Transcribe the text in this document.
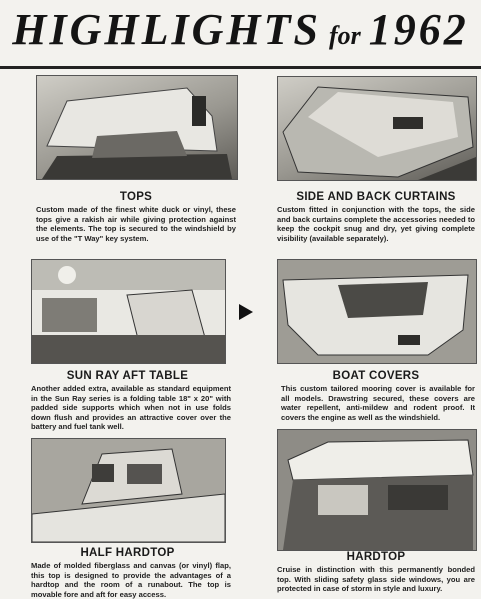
HIGHLIGHTS for 1962
TOPS
Custom made of the finest white duck or vinyl, these tops give a rakish air while giving protection against the elements. The top is secured to the windshield by use of the "T Way" key system.
SIDE AND BACK CURTAINS
Custom fitted in conjunction with the tops, the side and back curtains complete the accessories needed to keep the cockpit snug and dry, yet giving complete visibility (available separately).
SUN RAY AFT TABLE
Another added extra, available as standard equipment in the Sun Ray series is a folding table 18" x 20" with padded side supports which when not in use folds down flush and provides an attractive cover over the battery and fuel tank well.
BOAT COVERS
This custom tailored mooring cover is available for all models. Drawstring secured, these covers are water repellent, anti-mildew and rodent proof. It covers the engine as well as the windshield.
HALF HARDTOP
Made of molded fiberglass and canvas (or vinyl) flap, this top is designed to provide the advantages of a hardtop and the room of a runabout. The top is movable fore and aft for easy access.
HARDTOP
Cruise in distinction with this permanently bonded top. With sliding safety glass side windows, you are protected in case of storm in style and luxury.
